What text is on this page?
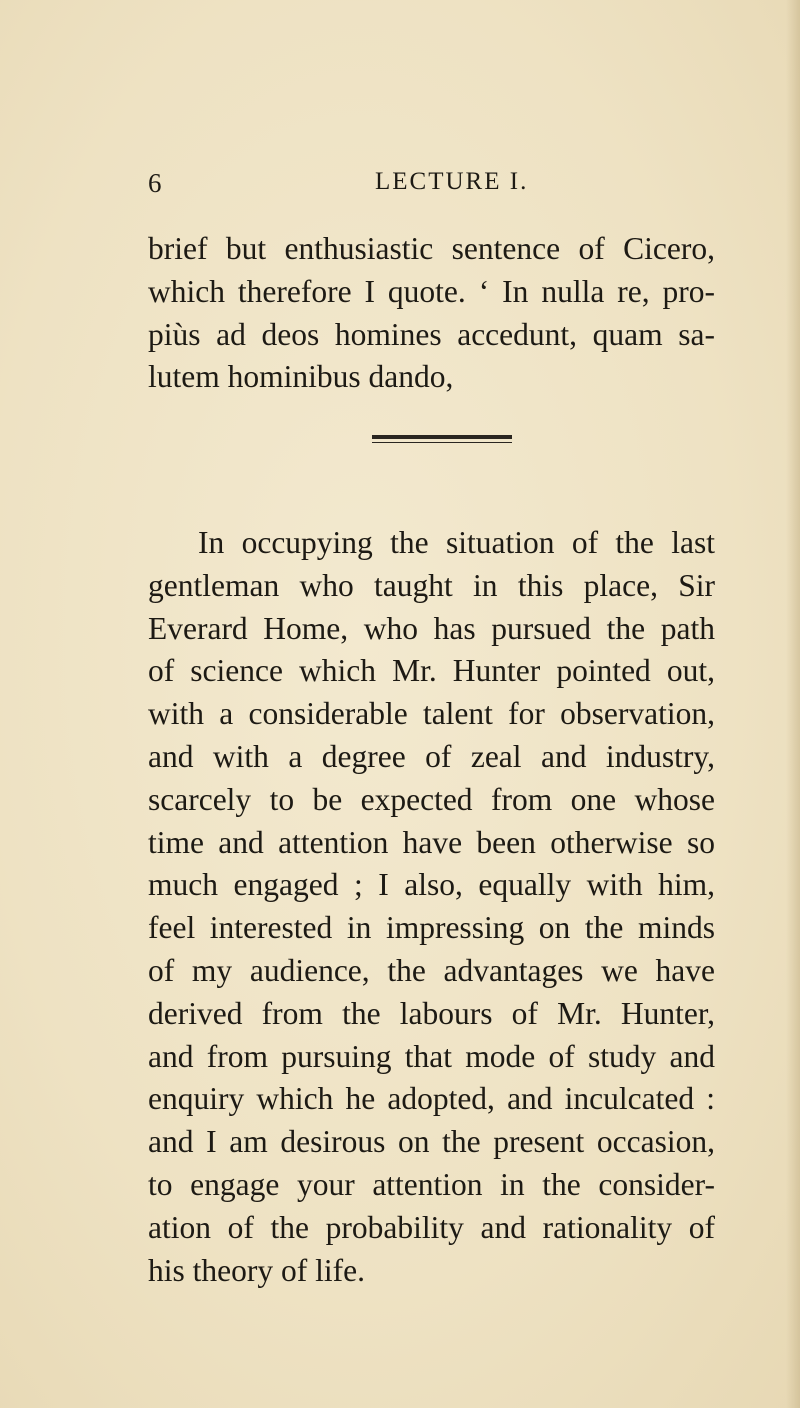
6	LECTURE I.
brief but enthusiastic sentence of Cicero,
which therefore I quote. ‘ In nulla re, pro-
piùs ad deos homines accedunt, quam sa-
lutem hominibus dando,
In occupying the situation of the last
gentleman who taught in this place, Sir
Everard Home, who has pursued the path
of science which Mr. Hunter pointed out,
with a considerable talent for observation,
and with a degree of zeal and industry,
scarcely to be expected from one whose
time and attention have been otherwise so
much engaged ; I also, equally with him,
feel interested in impressing on the minds
of my audience, the advantages we have
derived from the labours of Mr. Hunter,
and from pursuing that mode of study and
enquiry which he adopted, and inculcated :
and I am desirous on the present occasion,
to engage your attention in the consider-
ation of the probability and rationality of
his theory of life.
